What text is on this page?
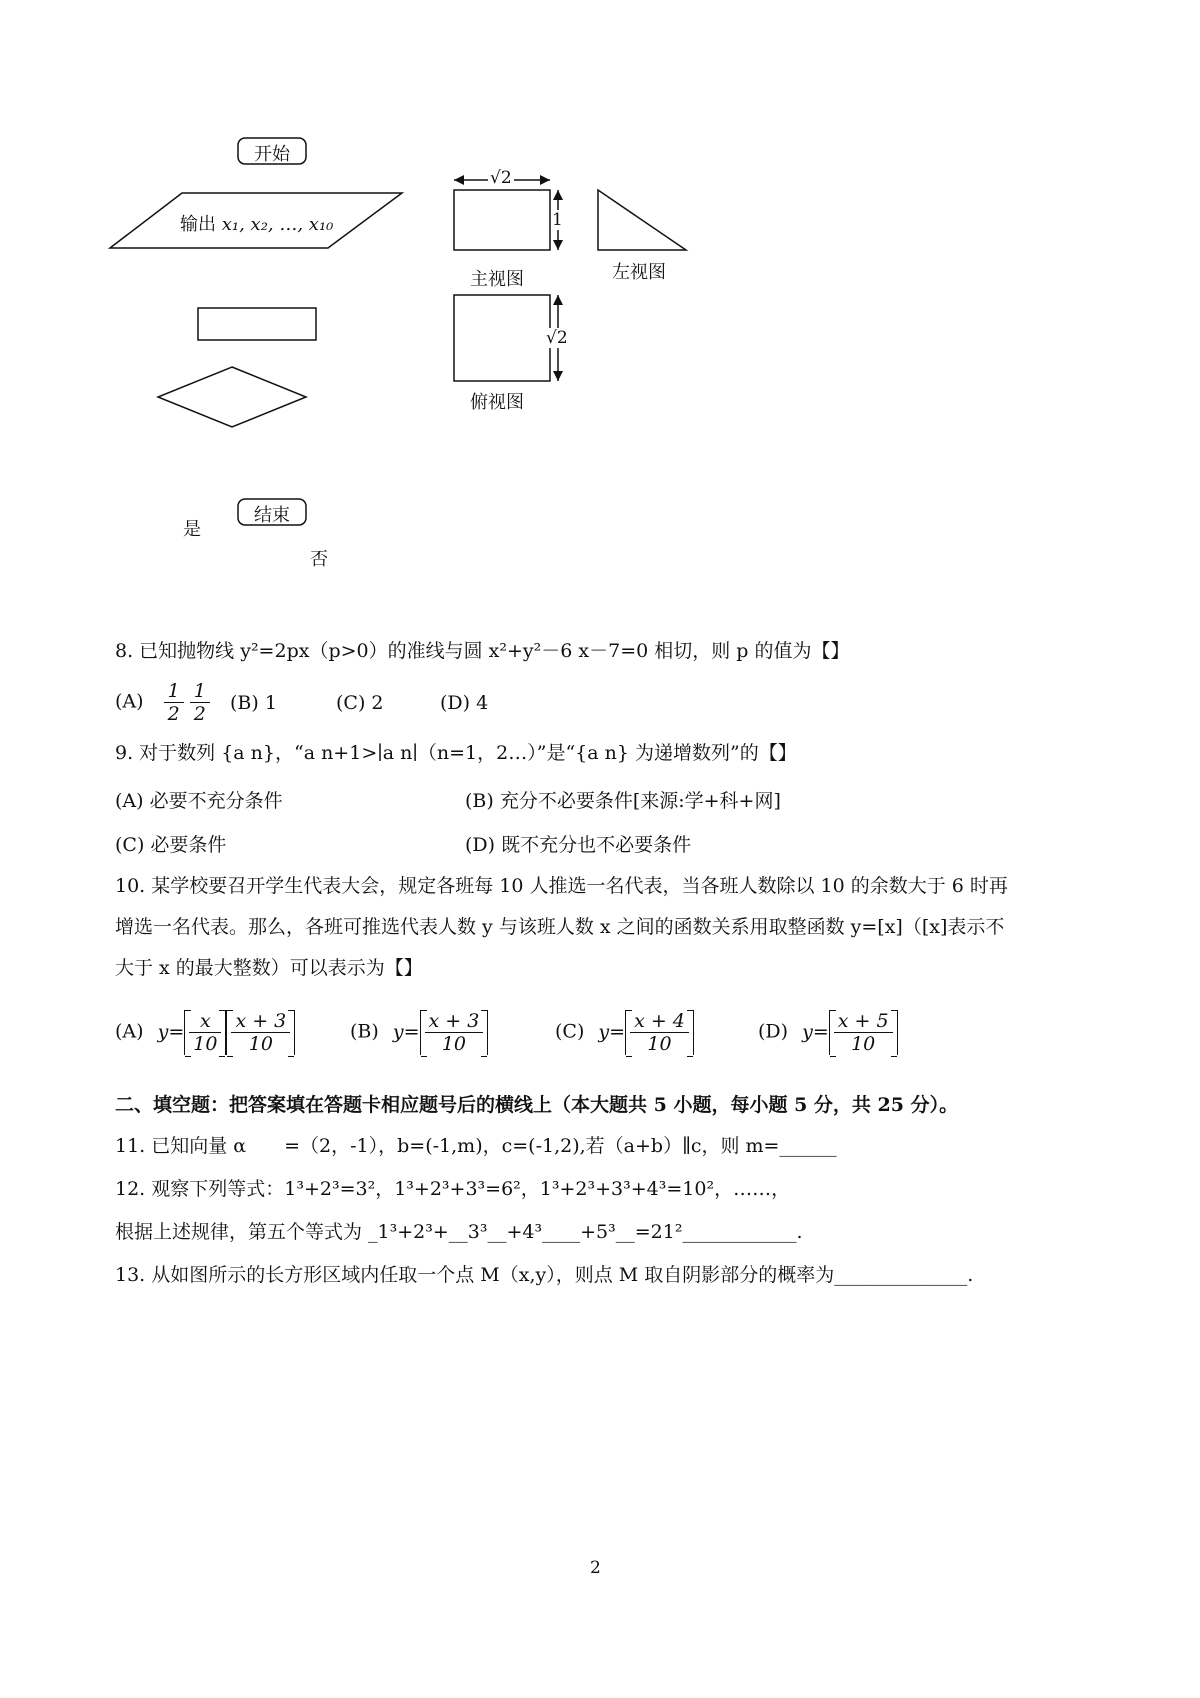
开始
输出 x₁, x₂, …, x₁₀
结束
是
否
√2
1
√2
主视图	左视图
俯视图
8. 已知抛物线 y²=2px（p>0）的准线与圆 x²+y²－6 x－7=0 相切，则 p 的值为【】
$(A) \frac{1}{2}$
$\frac{1}{2} (B)$ 1	(C) 2	(D) 4
9. 对于数列 {a n}，“a n+1>∣a n∣（n=1，2…）”是“{a n} 为递增数列”的【】
(A) 必要不充分条件	(B) 充分不必要条件[来源:学+科+网]
(C) 必要条件	(D) 既不充分也不必要条件
10. 某学校要召开学生代表大会，规定各班每 10 人推选一名代表，当各班人数除以 10 的余数大于 6 时再
增选一名代表。那么，各班可推选代表人数 y 与该班人数 x 之间的函数关系用取整函数 y=[x]（[x]表示不
大于 x 的最大整数）可以表示为【】
(A) $y= \frac{x}{10} \frac{x + 3}{10}$	(B) $y= \frac{x + 3}{10}$	(C) $y= \frac{x + 4}{10}$	(D) $y= \frac{x + 5}{10}$
二、填空题：把答案填在答题卡相应题号后的横线上（本大题共 5 小题，每小题 5 分，共 25 分）。
11. 已知向量 α　　=（2，-1），b=(-1,m)，c=(-1,2),若（a+b）∥c，则 m=______
12. 观察下列等式：1³+2³=3²，1³+2³+3³=6²，1³+2³+3³+4³=10²，……，
根据上述规律，第五个等式为 _1³+2³+__3³__+4³____+5³__=21²____________.
13. 从如图所示的长方形区域内任取一个点 M（x,y），则点 M 取自阴影部分的概率为______________.
2
